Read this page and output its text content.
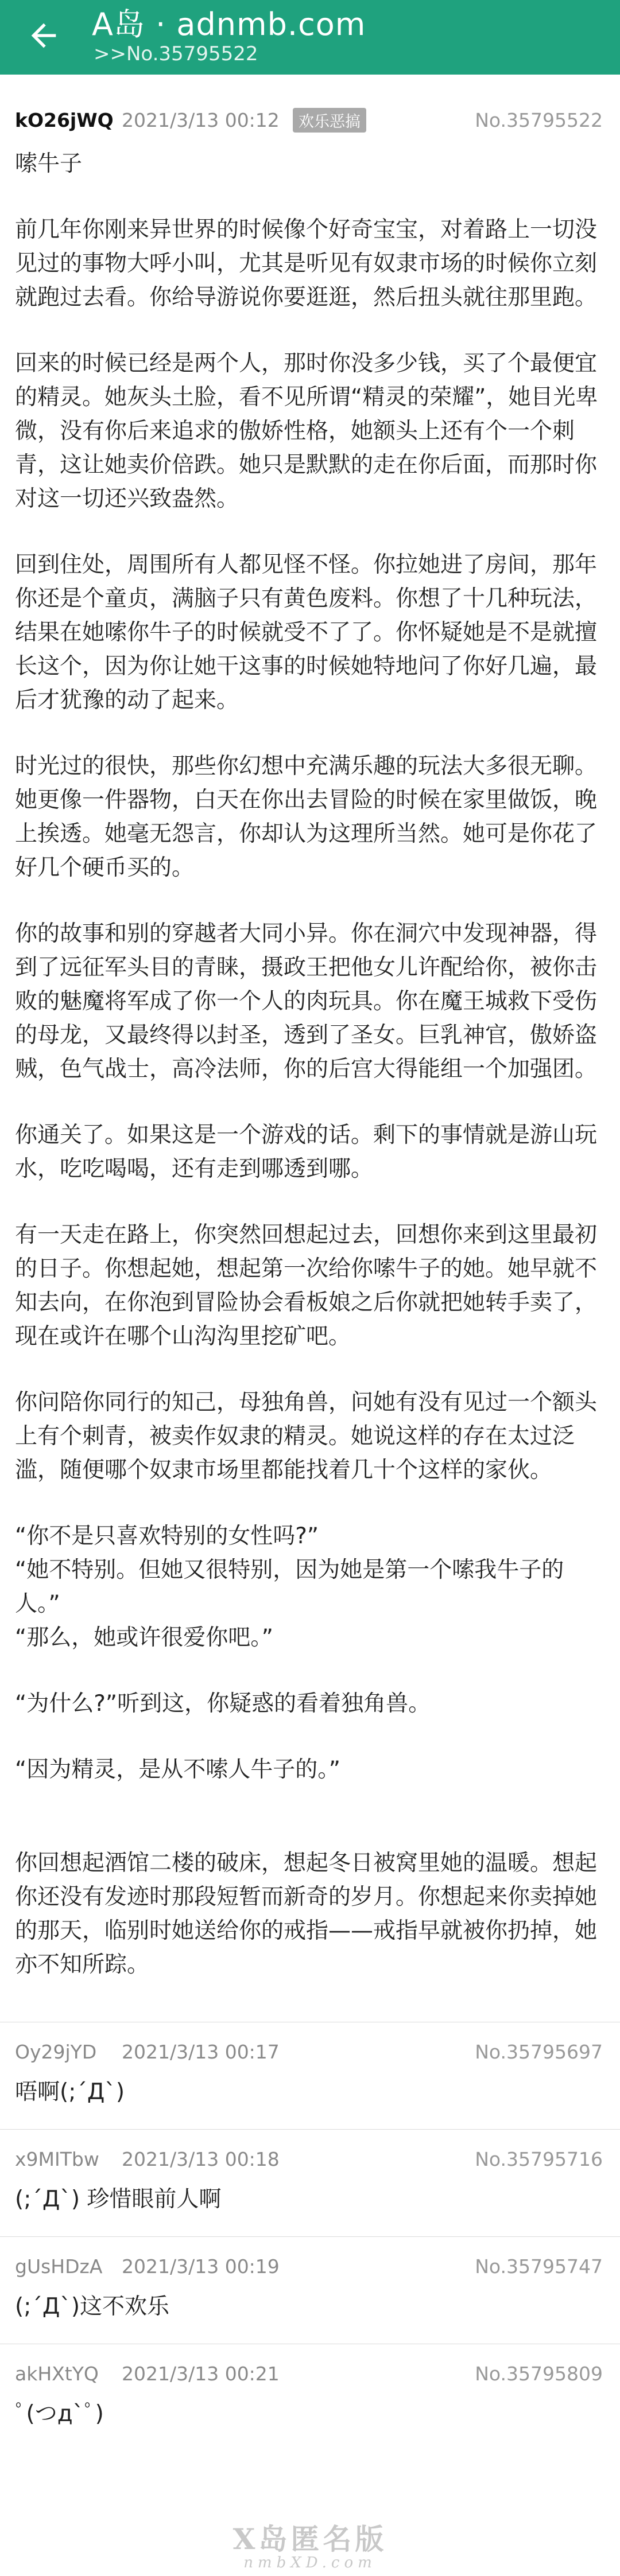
A岛 · adnmb.com
>>No.35795522
kO26jWQ 2021/3/13 00:12	欢乐恶搞	No.35795522

嗦牛子

前几年你刚来异世界的时候像个好奇宝宝，对着路上一切没见过的事物大呼小叫，尤其是听见有奴隶市场的时候你立刻就跑过去看。你给导游说你要逛逛，然后扭头就往那里跑。

回来的时候已经是两个人，那时你没多少钱，买了个最便宜的精灵。她灰头土脸，看不见所谓“精灵的荣耀”，她目光卑微，没有你后来追求的傲娇性格，她额头上还有个一个刺青，这让她卖价倍跌。她只是默默的走在你后面，而那时你对这一切还兴致盎然。

回到住处，周围所有人都见怪不怪。你拉她进了房间，那年你还是个童贞，满脑子只有黄色废料。你想了十几种玩法，结果在她嗦你牛子的时候就受不了了。你怀疑她是不是就擅长这个，因为你让她干这事的时候她特地问了你好几遍，最后才犹豫的动了起来。

时光过的很快，那些你幻想中充满乐趣的玩法大多很无聊。她更像一件器物，白天在你出去冒险的时候在家里做饭，晚上挨透。她毫无怨言，你却认为这理所当然。她可是你花了好几个硬币买的。

你的故事和别的穿越者大同小异。你在洞穴中发现神器，得到了远征军头目的青睐，摄政王把他女儿许配给你，被你击败的魅魔将军成了你一个人的肉玩具。你在魔王城救下受伤的母龙，又最终得以封圣，透到了圣女。巨乳神官，傲娇盗贼，色气战士，高冷法师，你的后宫大得能组一个加强团。

你通关了。如果这是一个游戏的话。剩下的事情就是游山玩水，吃吃喝喝，还有走到哪透到哪。

有一天走在路上，你突然回想起过去，回想你来到这里最初的日子。你想起她，想起第一次给你嗦牛子的她。她早就不知去向，在你泡到冒险协会看板娘之后你就把她转手卖了，现在或许在哪个山沟沟里挖矿吧。

你问陪你同行的知己，母独角兽，问她有没有见过一个额头上有个刺青，被卖作奴隶的精灵。她说这样的存在太过泛滥，随便哪个奴隶市场里都能找着几十个这样的家伙。

“你不是只喜欢特别的女性吗?”

“她不特别。但她又很特别，因为她是第一个嗦我牛子的人。”

“那么，她或许很爱你吧。”

“为什么?”听到这，你疑惑的看着独角兽。

“因为精灵，是从不嗦人牛子的。”

你回想起酒馆二楼的破床，想起冬日被窝里她的温暖。想起你还没有发迹时那段短暂而新奇的岁月。你想起来你卖掉她的那天，临别时她送给你的戒指——戒指早就被你扔掉，她亦不知所踪。

Oy29jYD 2021/3/13 00:17	No.35795697
唔啊(;´Д`)
x9MITbw 2021/3/13 00:18	No.35795716
(;´Д`) 珍惜眼前人啊
gUsHDzA 2021/3/13 00:19	No.35795747
(;´Д`)这不欢乐
akHXtYQ 2021/3/13 00:21	No.35795809
ﾟ(つд`ﾟ)
X岛匿名版
nmbXD.com
